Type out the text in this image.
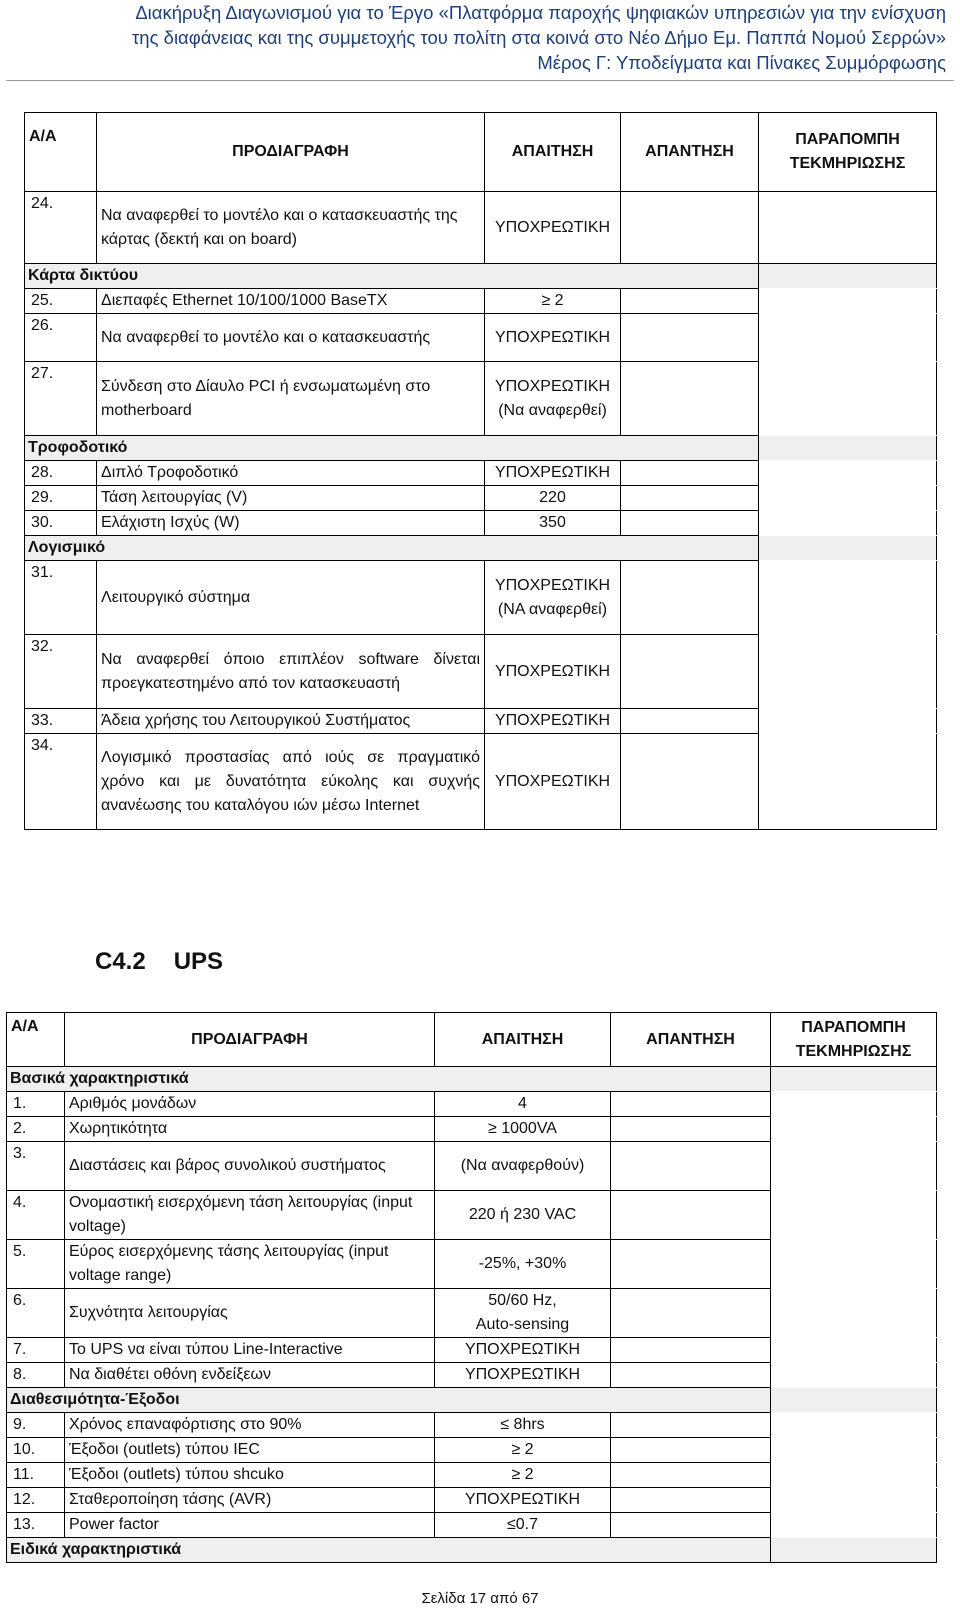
Διακήρυξη Διαγωνισμού για το Έργο «Πλατφόρμα παροχής ψηφιακών υπηρεσιών για την ενίσχυση
της διαφάνειας και της συμμετοχής του πολίτη στα κοινά στο Νέο Δήμο Εμ. Παππά Νομού Σερρών»
Μέρος Γ: Υποδείγματα και Πίνακες Συμμόρφωσης
Α/Α	ΠΡΟΔΙΑΓΡΑΦΗ	ΑΠΑΙΤΗΣΗ	ΑΠΑΝΤΗΣΗ	ΠΑΡΑΠΟΜΠΗ ΤΕΚΜΗΡΙΩΣΗΣ
24.	Να αναφερθεί το μοντέλο και ο κατασκευαστής της κάρτας (δεκτή και on board)	ΥΠΟΧΡΕΩΤΙΚΗ		
Κάρτα δικτύου				
25.	Διεπαφές Ethernet 10/100/1000 BaseTX	≥ 2		
26.	Να αναφερθεί το μοντέλο και ο κατασκευαστής	ΥΠΟΧΡΕΩΤΙΚΗ		
27.	Σύνδεση στο Δίαυλο PCI ή ενσωματωμένη στο motherboard	ΥΠΟΧΡΕΩΤΙΚΗ (Να αναφερθεί)		
Τροφοδοτικό				
28.	Διπλό Τροφοδοτικό	ΥΠΟΧΡΕΩΤΙΚΗ		
29.	Τάση λειτουργίας (V)	220		
30.	Ελάχιστη Ισχύς (W)	350		
Λογισμικό				
31.	Λειτουργικό σύστημα	ΥΠΟΧΡΕΩΤΙΚΗ (ΝΑ αναφερθεί)		
32.	Να αναφερθεί όποιο επιπλέον software δίνεται προεγκατεστημένο από τον κατασκευαστή	ΥΠΟΧΡΕΩΤΙΚΗ		
33.	Άδεια χρήσης του Λειτουργικού Συστήματος	ΥΠΟΧΡΕΩΤΙΚΗ		
34.	Λογισμικό προστασίας από ιούς σε πραγματικό χρόνο και με δυνατότητα εύκολης και συχνής ανανέωσης του καταλόγου ιών μέσω Internet	ΥΠΟΧΡΕΩΤΙΚΗ		
C4.2 UPS
Α/Α	ΠΡΟΔΙΑΓΡΑΦΗ	ΑΠΑΙΤΗΣΗ	ΑΠΑΝΤΗΣΗ	ΠΑΡΑΠΟΜΠΗ ΤΕΚΜΗΡΙΩΣΗΣ
Βασικά χαρακτηριστικά				
1.	Αριθμός μονάδων	4		
2.	Χωρητικότητα	≥ 1000VA		
3.	Διαστάσεις και βάρος συνολικού συστήματος	(Να αναφερθούν)		
4.	Ονομαστική εισερχόμενη τάση λειτουργίας (input voltage)	220 ή 230 VAC		
5.	Εύρος εισερχόμενης τάσης λειτουργίας (input voltage range)	-25%, +30%		
6.	Συχνότητα λειτουργίας	50/60 Hz, Auto-sensing		
7.	Το UPS να είναι τύπου Line-Interactive	ΥΠΟΧΡΕΩΤΙΚΗ		
8.	Να διαθέτει οθόνη ενδείξεων	ΥΠΟΧΡΕΩΤΙΚΗ		
Διαθεσιμότητα-Έξοδοι				
9.	Χρόνος επαναφόρτισης στο 90%	≤ 8hrs		
10.	Έξοδοι (outlets) τύπου IEC	≥ 2		
11.	Έξοδοι (outlets) τύπου shcuko	≥ 2		
12.	Σταθεροποίηση τάσης (AVR)	ΥΠΟΧΡΕΩΤΙΚΗ		
13.	Power factor	≤0.7		
Ειδικά χαρακτηριστικά				
Σελίδα 17 από 67
